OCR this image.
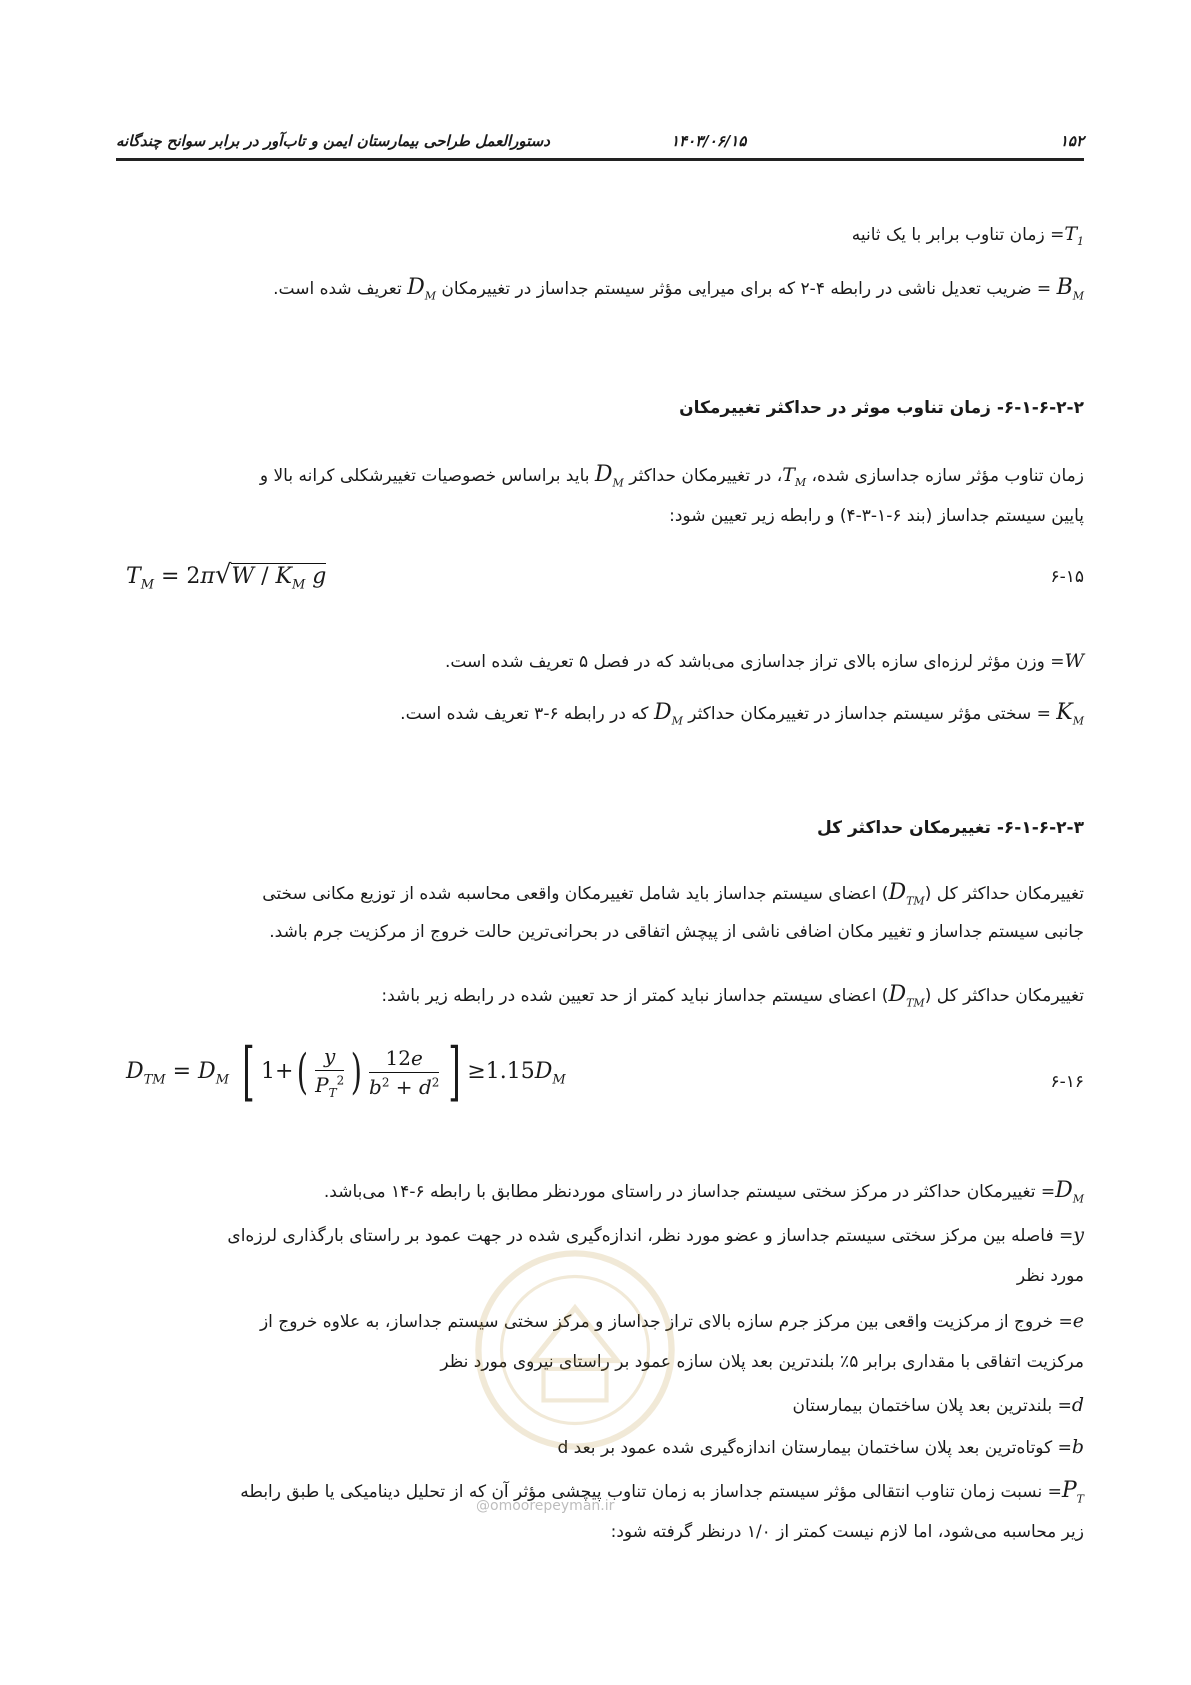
۱۵۲
۱۴۰۳/۰۶/۱۵
دستورالعمل طراحی بیمارستان ایمن و تاب‌آور در برابر سوانح چندگانه
$T_1=$ زمان تناوب برابر با یک ثانیه
$B_M$ = ضریب تعدیل ناشی در رابطه ۴-۲ که برای میرایی مؤثر سیستم جداساز در تغییرمکان $D_M$ تعریف شده است.
۶-۱-۶-۲-۲- زمان تناوب موثر در حداکثر تغییرمکان
زمان تناوب مؤثر سازه جداسازی شده، $T_M،$ در تغییرمکان حداکثر $D_M$ باید براساس خصوصیات تغییرشکلی کرانه بالا و
پایین سیستم جداساز (بند ۶-۱-۳-۴) و رابطه زیر تعیین شود:
$T_M = 2\pi√W / K_M$ g	۶-۱۵
W= وزن مؤثر لرزه‌ای سازه بالای تراز جداسازی می‌باشد که در فصل ۵ تعریف شده است.
$K_M$ = سختی مؤثر سیستم جداساز در تغییرمکان حداکثر $D_M$ که در رابطه ۶-۳ تعریف شده است.
۶-۱-۶-۲-۳- تغییرمکان حداکثر کل
تغییرمکان حداکثر کل $(D_{TM})$ اعضای سیستم جداساز باید شامل تغییرمکان واقعی محاسبه شده از توزیع مکانی سختی
جانبی سیستم جداساز و تغییر مکان اضافی ناشی از پیچش اتفاقی در بحرانی‌ترین حالت خروج از مرکزیت جرم باشد.
تغییرمکان حداکثر کل $(D_{TM})$ اعضای سیستم جداساز نباید کمتر از حد تعیین شده در رابطه زیر باشد:
$D_{TM} = D_M$ [ $1+( \frac{y}{P_T^2}$ ) $\frac{12e}{b^2 + d^2}$ ] $\ge 1.15D_M$	۶-۱۶
$D_M=$ تغییرمکان حداکثر در مرکز سختی سیستم جداساز در راستای موردنظر مطابق با رابطه ۶-۱۴ می‌باشد.
y= فاصله بین مرکز سختی سیستم جداساز و عضو مورد نظر، اندازه‌گیری شده در جهت عمود بر راستای بارگذاری لرزه‌ای
مورد نظر
e= خروج از مرکزیت واقعی بین مرکز جرم سازه بالای تراز جداساز و مرکز سختی سیستم جداساز، به علاوه خروج از
مرکزیت اتفاقی با مقداری برابر ۵٪ بلندترین بعد پلان سازه عمود بر راستای نیروی مورد نظر
d= بلندترین بعد پلان ساختمان بیمارستان
b= کوتاه‌ترین بعد پلان ساختمان بیمارستان اندازه‌گیری شده عمود بر بعد d
$P_T=$ نسبت زمان تناوب انتقالی مؤثر سیستم جداساز به زمان تناوب پیچشی مؤثر آن که از تحلیل دینامیکی یا طبق رابطه
زیر محاسبه می‌شود، اما لازم نیست کمتر از ۱/۰ درنظر گرفته شود:
@omoorepeyman.ir
